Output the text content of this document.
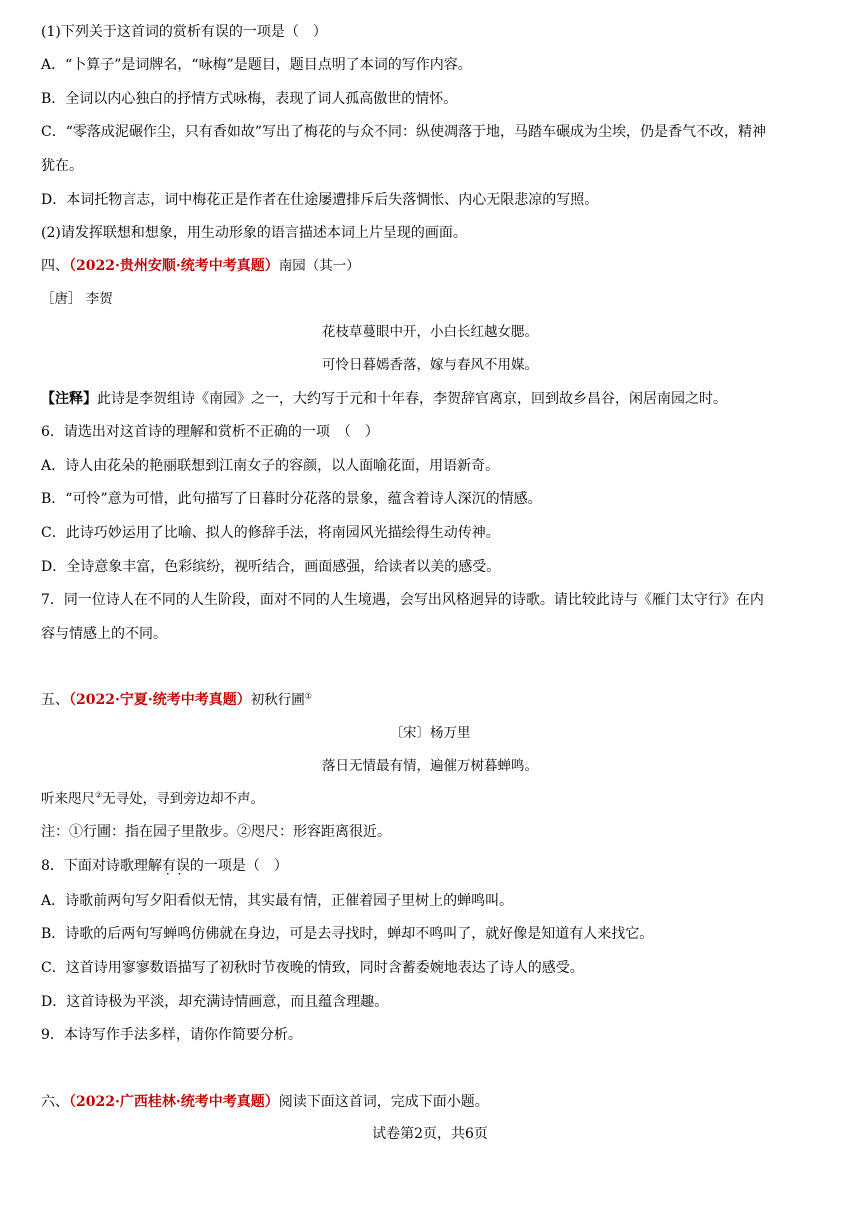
(1)下列关于这首词的赏析有误的一项是（　）
A．“卜算子”是词牌名，“咏梅”是题目，题目点明了本词的写作内容。
B．全词以内心独白的抒情方式咏梅，表现了词人孤高傲世的情怀。
C．“零落成泥碾作尘，只有香如故”写出了梅花的与众不同：纵使凋落于地，马踏车碾成为尘埃，仍是香气不改，精神
犹在。
D．本词托物言志，词中梅花正是作者在仕途屡遭排斥后失落惆怅、内心无限悲凉的写照。
(2)请发挥联想和想象，用生动形象的语言描述本词上片呈现的画面。
四、（2022·贵州安顺·统考中考真题）南园（其一）
［唐］ 李贺
花枝草蔓眼中开，小白长红越女腮。
可怜日暮嫣香落，嫁与春风不用媒。
【注释】此诗是李贺组诗《南园》之一，大约写于元和十年春，李贺辞官离京，回到故乡昌谷，闲居南园之时。
6．请选出对这首诗的理解和赏析不正确的一项　（　）
A．诗人由花朵的艳丽联想到江南女子的容颜，以人面喻花面，用语新奇。
B．“可怜”意为可惜，此句描写了日暮时分花落的景象，蕴含着诗人深沉的情感。
C．此诗巧妙运用了比喻、拟人的修辞手法，将南园风光描绘得生动传神。
D．全诗意象丰富，色彩缤纷，视听结合，画面感强，给读者以美的感受。
7．同一位诗人在不同的人生阶段，面对不同的人生境遇，会写出风格迥异的诗歌。请比较此诗与《雁门太守行》在内
容与情感上的不同。
五、（2022·宁夏·统考中考真题）初秋行圃①
〔宋〕杨万里
落日无情最有情，遍催万树暮蝉鸣。
听来咫尺②无寻处，寻到旁边却不声。
注：①行圃：指在园子里散步。②咫尺：形容距离很近。
8．下面对诗歌理解有误 · ·的一项是（　）
A．诗歌前两句写夕阳看似无情，其实最有情，正催着园子里树上的蝉鸣叫。
B．诗歌的后两句写蝉鸣仿佛就在身边，可是去寻找时，蝉却不鸣叫了，就好像是知道有人来找它。
C．这首诗用寥寥数语描写了初秋时节夜晚的情致，同时含蓄委婉地表达了诗人的感受。
D．这首诗极为平淡，却充满诗情画意，而且蕴含理趣。
9．本诗写作手法多样，请你作简要分析。
六、（2022·广西桂林·统考中考真题）阅读下面这首词，完成下面小题。
试卷第2页，共6页
